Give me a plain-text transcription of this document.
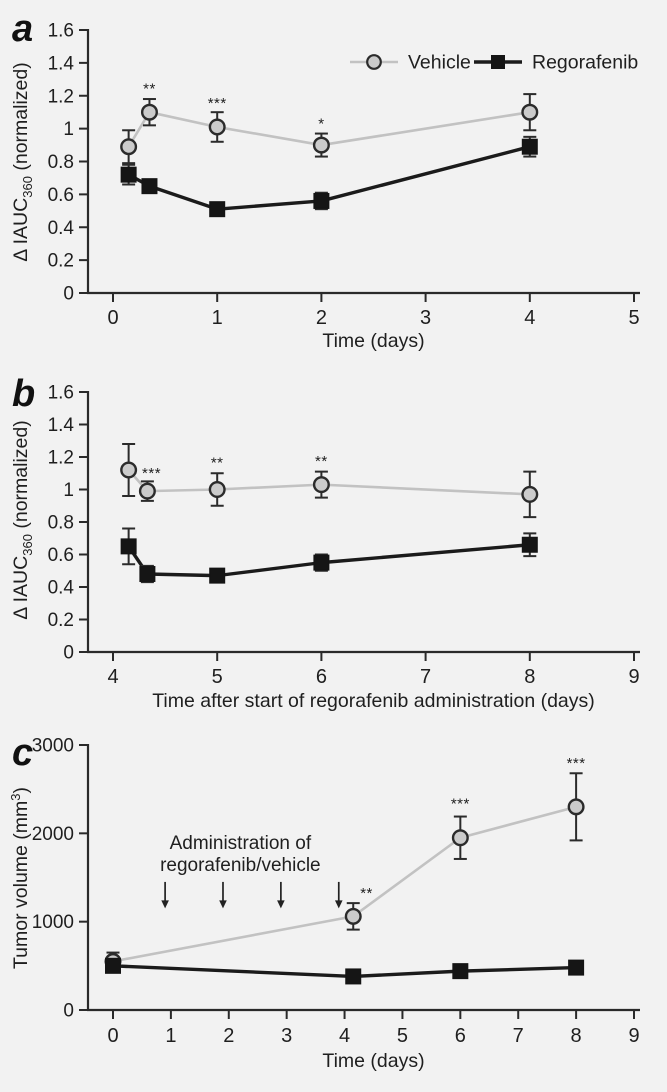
a
0
0.2
0.4
0.6
0.8
1
1.2
1.4
1.6
0	1	2	3	4	5
Time (days)
Δ $IAUC_{360}$ (normalized)	**
***
*
Vehicle	Regorafenib
b
0
0.2
0.4
0.6
0.8
1
1.2
1.4
1.6
4	5	6	7	8	9
Time after start of regorafenib administration (days)
Δ $IAUC_{360}$ (normalized)	***
**	**
c
0
1000
2000
3000
0 1 2 3 4 5 6 7 8 9
Time (days)
Tumor volume $(mm^3)$
Administration of
regorafenib/vehicle
**
***
***
